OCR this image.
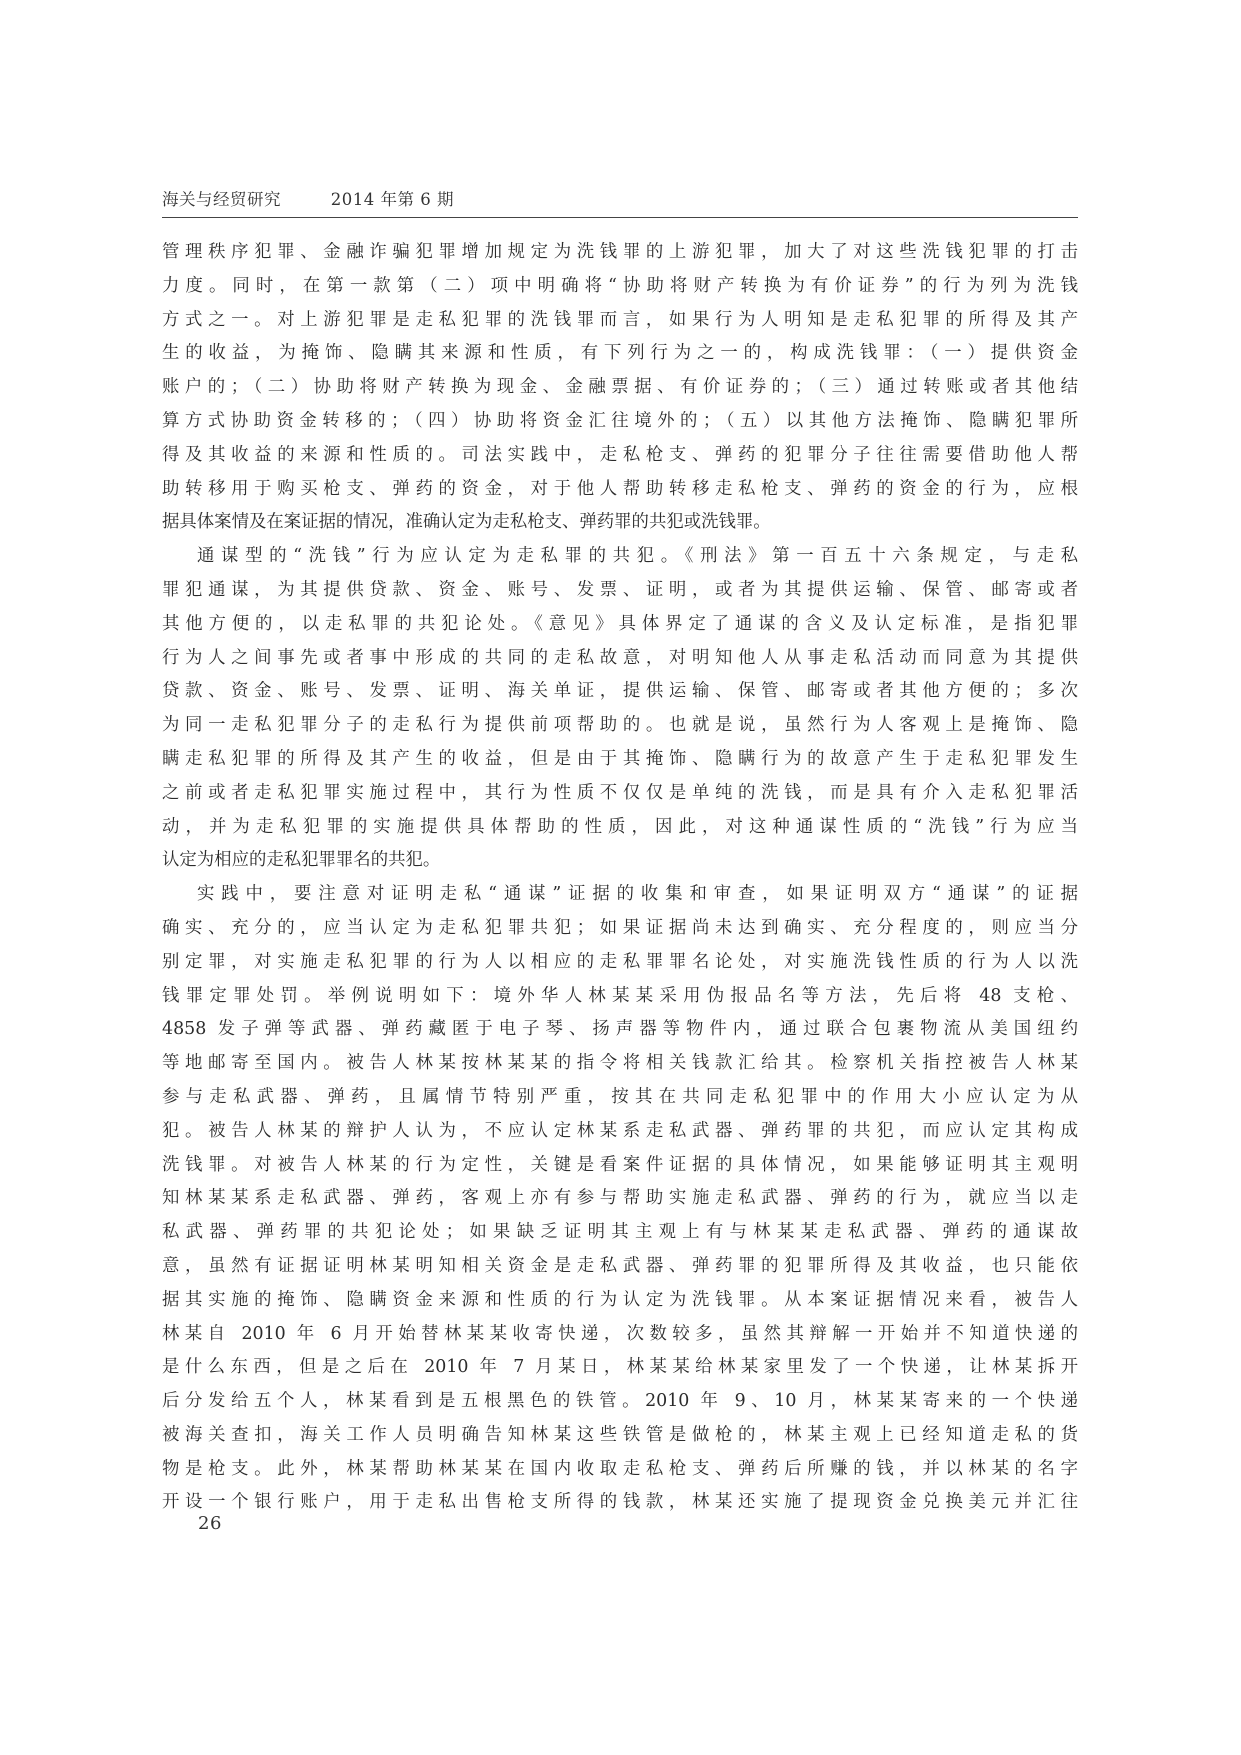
海关与经贸研究	2014 年第 6 期
管理秩序犯罪、金融诈骗犯罪增加规定为洗钱罪的上游犯罪，加大了对这些洗钱犯罪的打击
力度。同时，在第一款第（二）项中明确将“协助将财产转换为有价证券”的行为列为洗钱
方式之一。对上游犯罪是走私犯罪的洗钱罪而言，如果行为人明知是走私犯罪的所得及其产
生的收益，为掩饰、隐瞒其来源和性质，有下列行为之一的，构成洗钱罪：（一）提供资金
账户的；（二）协助将财产转换为现金、金融票据、有价证券的；（三）通过转账或者其他结
算方式协助资金转移的；（四）协助将资金汇往境外的；（五）以其他方法掩饰、隐瞒犯罪所
得及其收益的来源和性质的。司法实践中，走私枪支、弹药的犯罪分子往往需要借助他人帮
助转移用于购买枪支、弹药的资金，对于他人帮助转移走私枪支、弹药的资金的行为，应根
据具体案情及在案证据的情况，准确认定为走私枪支、弹药罪的共犯或洗钱罪。
通谋型的“洗钱”行为应认定为走私罪的共犯。《刑法》第一百五十六条规定，与走私
罪犯通谋，为其提供贷款、资金、账号、发票、证明，或者为其提供运输、保管、邮寄或者
其他方便的，以走私罪的共犯论处。《意见》具体界定了通谋的含义及认定标准，是指犯罪
行为人之间事先或者事中形成的共同的走私故意，对明知他人从事走私活动而同意为其提供
贷款、资金、账号、发票、证明、海关单证，提供运输、保管、邮寄或者其他方便的；多次
为同一走私犯罪分子的走私行为提供前项帮助的。也就是说，虽然行为人客观上是掩饰、隐
瞒走私犯罪的所得及其产生的收益，但是由于其掩饰、隐瞒行为的故意产生于走私犯罪发生
之前或者走私犯罪实施过程中，其行为性质不仅仅是单纯的洗钱，而是具有介入走私犯罪活
动，并为走私犯罪的实施提供具体帮助的性质，因此，对这种通谋性质的“洗钱”行为应当
认定为相应的走私犯罪罪名的共犯。
实践中，要注意对证明走私“通谋”证据的收集和审查，如果证明双方“通谋”的证据
确实、充分的，应当认定为走私犯罪共犯；如果证据尚未达到确实、充分程度的，则应当分
别定罪，对实施走私犯罪的行为人以相应的走私罪罪名论处，对实施洗钱性质的行为人以洗
钱罪定罪处罚。举例说明如下：境外华人林某某采用伪报品名等方法，先后将 48 支枪、
4858 发子弹等武器、弹药藏匿于电子琴、扬声器等物件内，通过联合包裹物流从美国纽约
等地邮寄至国内。被告人林某按林某某的指令将相关钱款汇给其。检察机关指控被告人林某
参与走私武器、弹药，且属情节特别严重，按其在共同走私犯罪中的作用大小应认定为从
犯。被告人林某的辩护人认为，不应认定林某系走私武器、弹药罪的共犯，而应认定其构成
洗钱罪。对被告人林某的行为定性，关键是看案件证据的具体情况，如果能够证明其主观明
知林某某系走私武器、弹药，客观上亦有参与帮助实施走私武器、弹药的行为，就应当以走
私武器、弹药罪的共犯论处；如果缺乏证明其主观上有与林某某走私武器、弹药的通谋故
意，虽然有证据证明林某明知相关资金是走私武器、弹药罪的犯罪所得及其收益，也只能依
据其实施的掩饰、隐瞒资金来源和性质的行为认定为洗钱罪。从本案证据情况来看，被告人
林某自 2010 年 6 月开始替林某某收寄快递，次数较多，虽然其辩解一开始并不知道快递的
是什么东西，但是之后在 2010 年 7 月某日，林某某给林某家里发了一个快递，让林某拆开
后分发给五个人，林某看到是五根黑色的铁管。2010 年 9、10 月，林某某寄来的一个快递
被海关查扣，海关工作人员明确告知林某这些铁管是做枪的，林某主观上已经知道走私的货
物是枪支。此外，林某帮助林某某在国内收取走私枪支、弹药后所赚的钱，并以林某的名字
开设一个银行账户，用于走私出售枪支所得的钱款，林某还实施了提现资金兑换美元并汇往
26
